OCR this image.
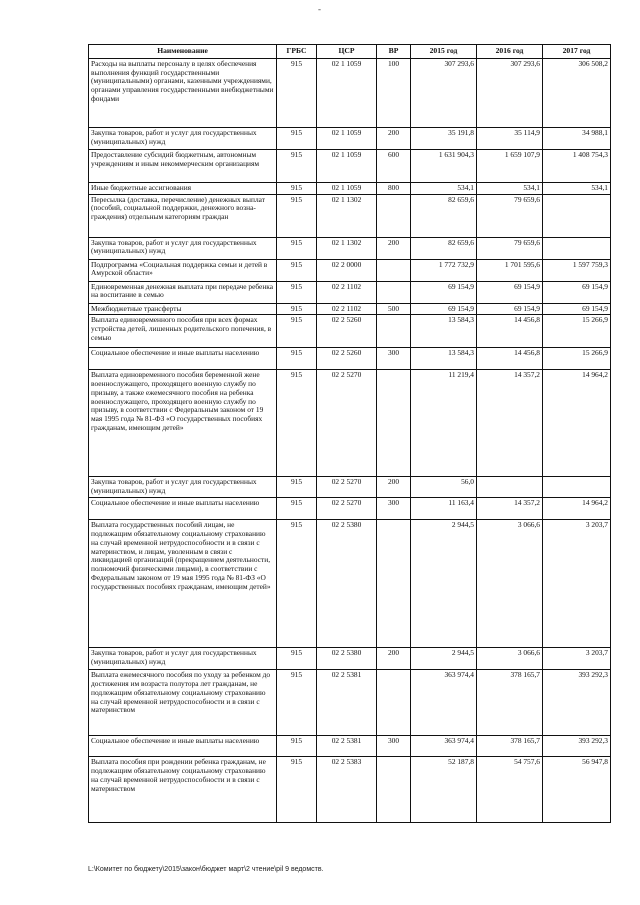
-
Наименование	ГРБС	ЦСР	ВР	2015 год	2016 год	2017 год
Расходы на выплаты персоналу в целях обеспечения выполнения функций государственными (муниципальными) органами, казенными учреждениями, органами управления государственными внебюджетными фондами	915	02 1 1059	100	307 293,6	307 293,6	306 508,2
Закупка товаров, работ и услуг для государственных (муниципальных) нужд	915	02 1 1059	200	35 191,8	35 114,9	34 988,1
Предоставление субсидий бюджетным, автономным учреждениям и иным некоммерческим организациям	915	02 1 1059	600	1 631 904,3	1 659 107,9	1 408 754,3
Иные бюджетные ассигнования	915	02 1 1059	800	534,1	534,1	534,1
Пересылка (доставка, перечисление) денежных выплат (пособий, социальной поддержки, денежного вознаграждения) отдельным категориям граждан	915	02 1 1302		82 659,6	79 659,6	
Закупка товаров, работ и услуг для государственных (муниципальных) нужд	915	02 1 1302	200	82 659,6	79 659,6	
Подпрограмма «Социальная поддержка семьи и детей в Амурской области»	915	02 2 0000		1 772 732,9	1 701 595,6	1 597 759,3
Единовременная денежная выплата при передаче ребенка на воспитание в семью	915	02 2 1102		69 154,9	69 154,9	69 154,9
Межбюджетные трансферты	915	02 2 1102	500	69 154,9	69 154,9	69 154,9
Выплата единовременного пособия при всех формах устройства детей, лишенных родительского попечения, в семью	915	02 2 5260		13 584,3	14 456,8	15 266,9
Социальное обеспечение и иные выплаты населению	915	02 2 5260	300	13 584,3	14 456,8	15 266,9
Выплата единовременного пособия беременной жене военнослужащего, проходящего военную службу по призыву, а также ежемесячного пособия на ребенка военнослужащего, проходящего военную службу по призыву, в соответствии с Федеральным законом от 19 мая 1995 года № 81-ФЗ «О государственных пособиях гражданам, имеющим детей»	915	02 2 5270		11 219,4	14 357,2	14 964,2
Закупка товаров, работ и услуг для государственных (муниципальных) нужд	915	02 2 5270	200	56,0		
Социальное обеспечение и иные выплаты населению	915	02 2 5270	300	11 163,4	14 357,2	14 964,2
Выплата государственных пособий лицам, не подлежащим обязательному социальному страхованию на случай временной нетрудоспособности и в связи с материнством, и лицам, уволенным в связи с ликвидацией организаций (прекращением деятельности, полномочий физическими лицами), в соответствии с Федеральным законом от 19 мая 1995 года № 81-ФЗ «О государственных пособиях гражданам, имеющим детей»	915	02 2 5380		2 944,5	3 066,6	3 203,7
Закупка товаров, работ и услуг для государственных (муниципальных) нужд	915	02 2 5380	200	2 944,5	3 066,6	3 203,7
Выплата ежемесячного пособия по уходу за ребенком до достижения им возраста полутора лет гражданам, не подлежащим обязательному социальному страхованию на случай временной нетрудоспособности и в связи с материнством	915	02 2 5381		363 974,4	378 165,7	393 292,3
Социальное обеспечение и иные выплаты населению	915	02 2 5381	300	363 974,4	378 165,7	393 292,3
Выплата пособия при рождении ребенка гражданам, не подлежащим обязательному социальному страхованию на случай временной нетрудоспособности и в связи с материнством	915	02 2 5383		52 187,8	54 757,6	56 947,8
L:\Комитет по бюджету\2015\закон\бюджет март\2 чтение\рil 9 ведомств.
